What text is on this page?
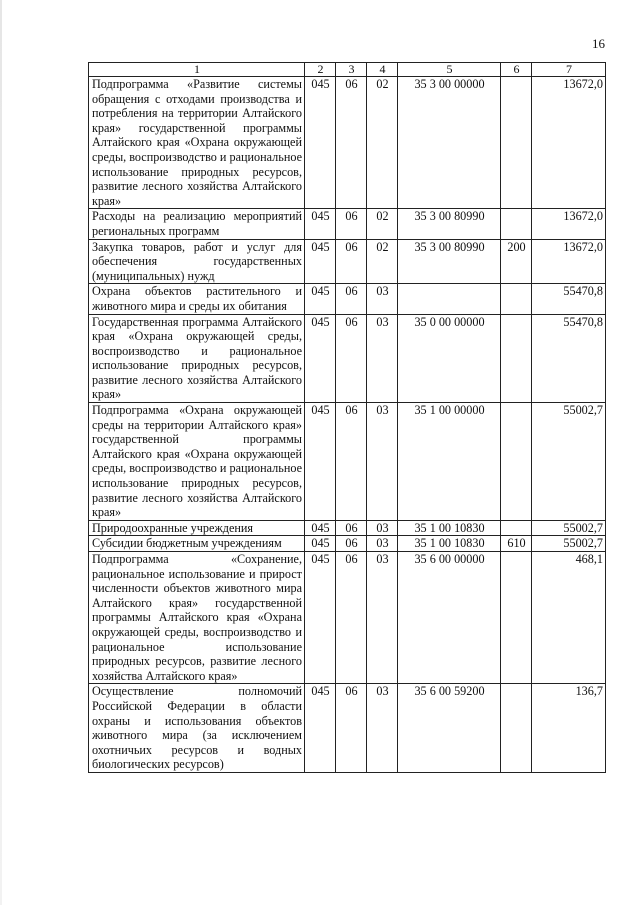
16
1	2	3	4	5	6	7
Подпрограмма «Развитие системы обращения с отходами производства и потребления на территории Алтайского края» государственной программы Алтайского края «Охрана окружающей среды, воспроизводство и рациональное использование природных ресурсов, развитие лесного хозяйства Алтайского края»	045	06	02	35 3 00 00000		13672,0
Расходы на реализацию мероприятий региональных программ	045	06	02	35 3 00 80990		13672,0
Закупка товаров, работ и услуг для обеспечения государственных (муниципальных) нужд	045	06	02	35 3 00 80990	200	13672,0
Охрана объектов растительного и животного мира и среды их обитания	045	06	03			55470,8
Государственная программа Алтайского края «Охрана окружающей среды, воспроизводство и рациональное использование природных ресурсов, развитие лесного хозяйства Алтайского края»	045	06	03	35 0 00 00000		55470,8
Подпрограмма «Охрана окружающей среды на территории Алтайского края» государственной программы Алтайского края «Охрана окружающей среды, воспроизводство и рациональное использование природных ресурсов, развитие лесного хозяйства Алтайского края»	045	06	03	35 1 00 00000		55002,7
Природоохранные учреждения	045	06	03	35 1 00 10830		55002,7
Субсидии бюджетным учреждениям	045	06	03	35 1 00 10830	610	55002,7
Подпрограмма «Сохранение, рациональное использование и прирост численности объектов животного мира Алтайского края» государственной программы Алтайского края «Охрана окружающей среды, воспроизводство и рациональное использование природных ресурсов, развитие лесного хозяйства Алтайского края»	045	06	03	35 6 00 00000		468,1
Осуществление полномочий Российской Федерации в области охраны и использования объектов животного мира (за исключением охотничьих ресурсов и водных биологических ресурсов)	045	06	03	35 6 00 59200		136,7
